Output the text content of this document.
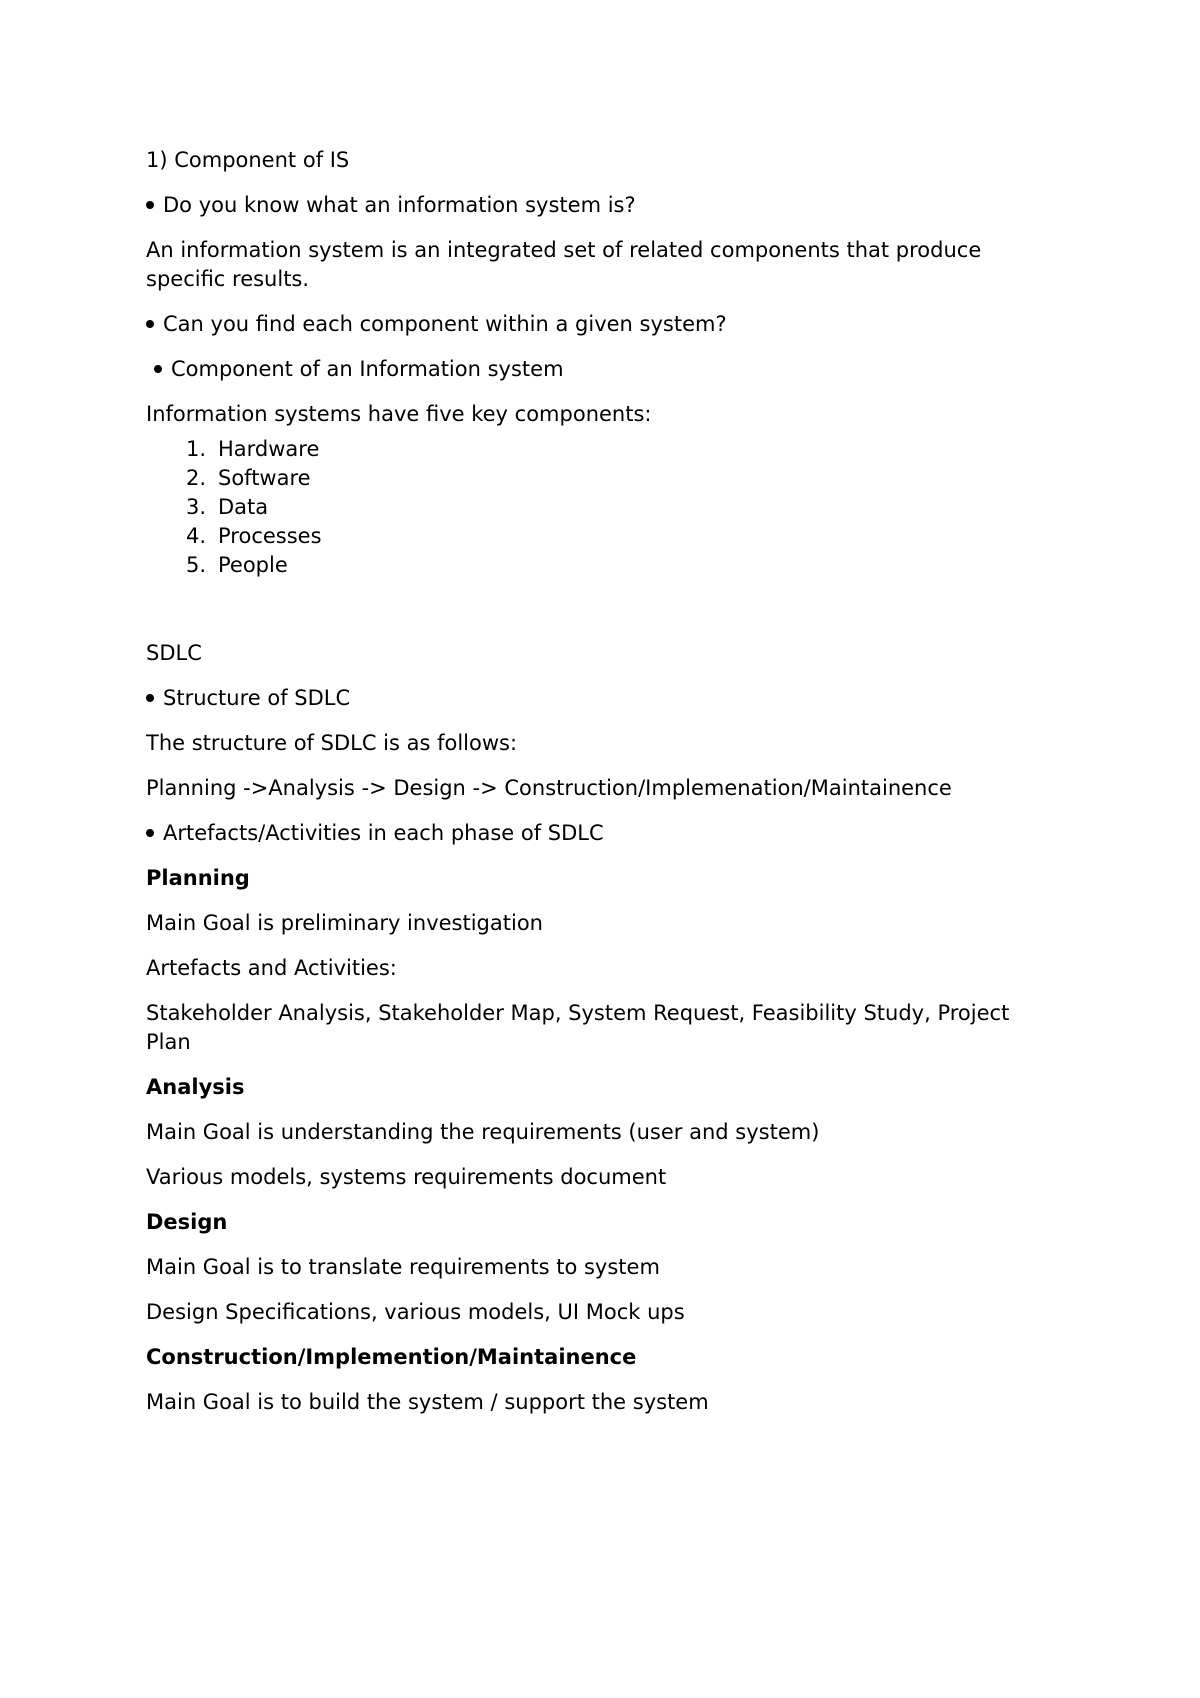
1) Component of IS
Do you know what an information system is?
An information system is an integrated set of related components that produce specific results.
Can you find each component within a given system?
Component of an Information system
Information systems have five key components:
1. Hardware
2. Software
3. Data
4. Processes
5. People
SDLC
Structure of SDLC
The structure of SDLC is as follows:
Planning ->Analysis -> Design -> Construction/Implemenation/Maintainence
Artefacts/Activities in each phase of SDLC
Planning
Main Goal is preliminary investigation
Artefacts and Activities:
Stakeholder Analysis, Stakeholder Map, System Request, Feasibility Study, Project Plan
Analysis
Main Goal is understanding the requirements (user and system)
Various models, systems requirements document
Design
Main Goal is to translate requirements to system
Design Specifications, various models, UI Mock ups
Construction/Implemention/Maintainence
Main Goal is to build the system / support the system
